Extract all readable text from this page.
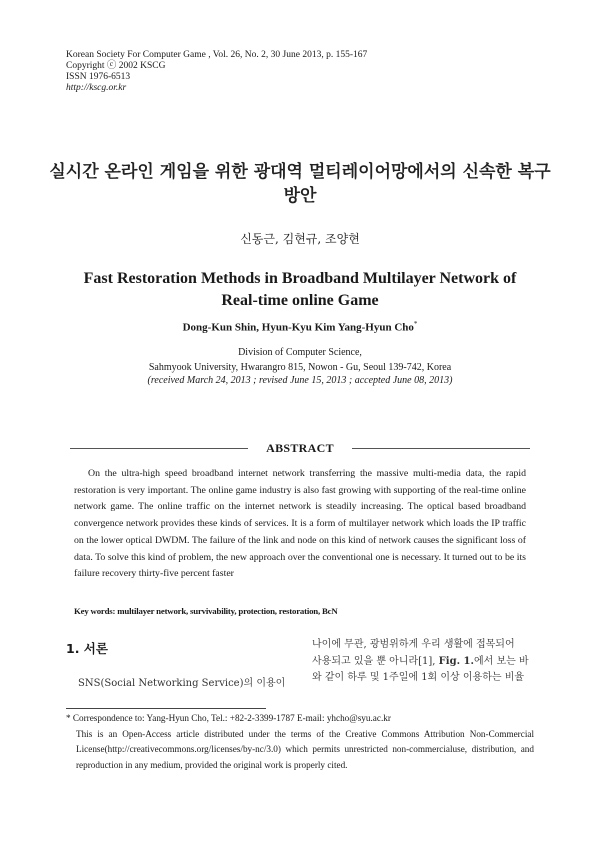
Korean Society For Computer Game , Vol. 26, No. 2, 30 June 2013, p. 155-167
Copyright ⓒ 2002 KSCG
ISSN 1976-6513
http://kscg.or.kr
실시간 온라인 게임을 위한 광대역 멀티레이어망에서의 신속한 복구
방안
신동근, 김현규, 조양현
Fast Restoration Methods in Broadband Multilayer Network of
Real-time online Game
Dong-Kun Shin, Hyun-Kyu Kim Yang-Hyun Cho*
Division of Computer Science,
Sahmyook University, Hwarangro 815, Nowon - Gu, Seoul 139-742, Korea
(received March 24, 2013 ; revised June 15, 2013 ; accepted June 08, 2013)
ABSTRACT

On the ultra-high speed broadband internet network transferring the massive multi-media data, the rapid restoration is very important. The online game industry is also fast growing with supporting of the real-time online network game. The online traffic on the internet network is steadily increasing. The optical based broadband convergence network provides these kinds of services. It is a form of multilayer network which loads the IP traffic on the lower optical DWDM. The failure of the link and node on this kind of network causes the significant loss of data. To solve this kind of problem, the new approach over the conventional one is necessary. It turned out to be its failure recovery thirty-five percent faster

Key words: multilayer network, survivability, protection, restoration, BcN
1. 서론
SNS(Social Networking Service)의 이용이
나이에 무관, 광범위하게 우리 생활에 접목되어
사용되고 있을 뿐 아니라[1], Fig. 1.에서 보는 바
와 같이 하루 및 1주일에 1회 이상 이용하는 비율

* Correspondence to: Yang-Hyun Cho, Tel.: +82-2-3399-1787 E-mail: yhcho@syu.ac.kr

This is an Open-Access article distributed under the terms of the Creative Commons Attribution Non-Commercial License(http://creativecommons.org/licenses/by-nc/3.0) which permits unrestricted non-commercialuse, distribution, and reproduction in any medium, provided the original work is properly cited.
